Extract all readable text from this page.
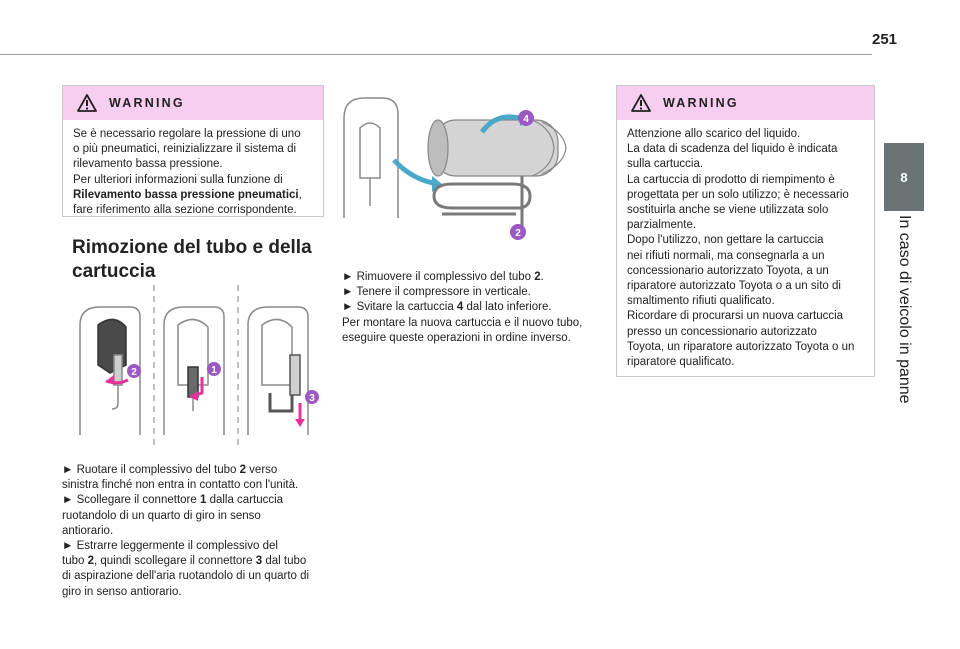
251
8
In caso di veicolo in panne
WARNING

Se è necessario regolare la pressione di uno

o più pneumatici, reinizializzare il sistema di

rilevamento bassa pressione.

Per ulteriori informazioni sulla funzione di

Rilevamento bassa pressione pneumatici,

fare riferimento alla sezione corrispondente.

Rimozione del tubo e della
cartuccia
2	1
3

► Ruotare il complessivo del tubo 2 verso

sinistra finché non entra in contatto con l'unità.

► Scollegare il connettore 1 dalla cartuccia

ruotandolo di un quarto di giro in senso

antiorario.

► Estrarre leggermente il complessivo del

tubo 2, quindi scollegare il connettore 3 dal tubo

di aspirazione dell'aria ruotandolo di un quarto di

giro in senso antiorario.

4
2

► Rimuovere il complessivo del tubo 2.

► Tenere il compressore in verticale.

► Svitare la cartuccia 4 dal lato inferiore.

Per montare la nuova cartuccia e il nuovo tubo,

eseguire queste operazioni in ordine inverso.

WARNING

Attenzione allo scarico del liquido.

La data di scadenza del liquido è indicata

sulla cartuccia.

La cartuccia di prodotto di riempimento è

progettata per un solo utilizzo; è necessario

sostituirla anche se viene utilizzata solo

parzialmente.

Dopo l'utilizzo, non gettare la cartuccia

nei rifiuti normali, ma consegnarla a un

concessionario autorizzato Toyota, a un

riparatore autorizzato Toyota o a un sito di

smaltimento rifiuti qualificato.

Ricordare di procurarsi un nuova cartuccia

presso un concessionario autorizzato

Toyota, un riparatore autorizzato Toyota o un

riparatore qualificato.
